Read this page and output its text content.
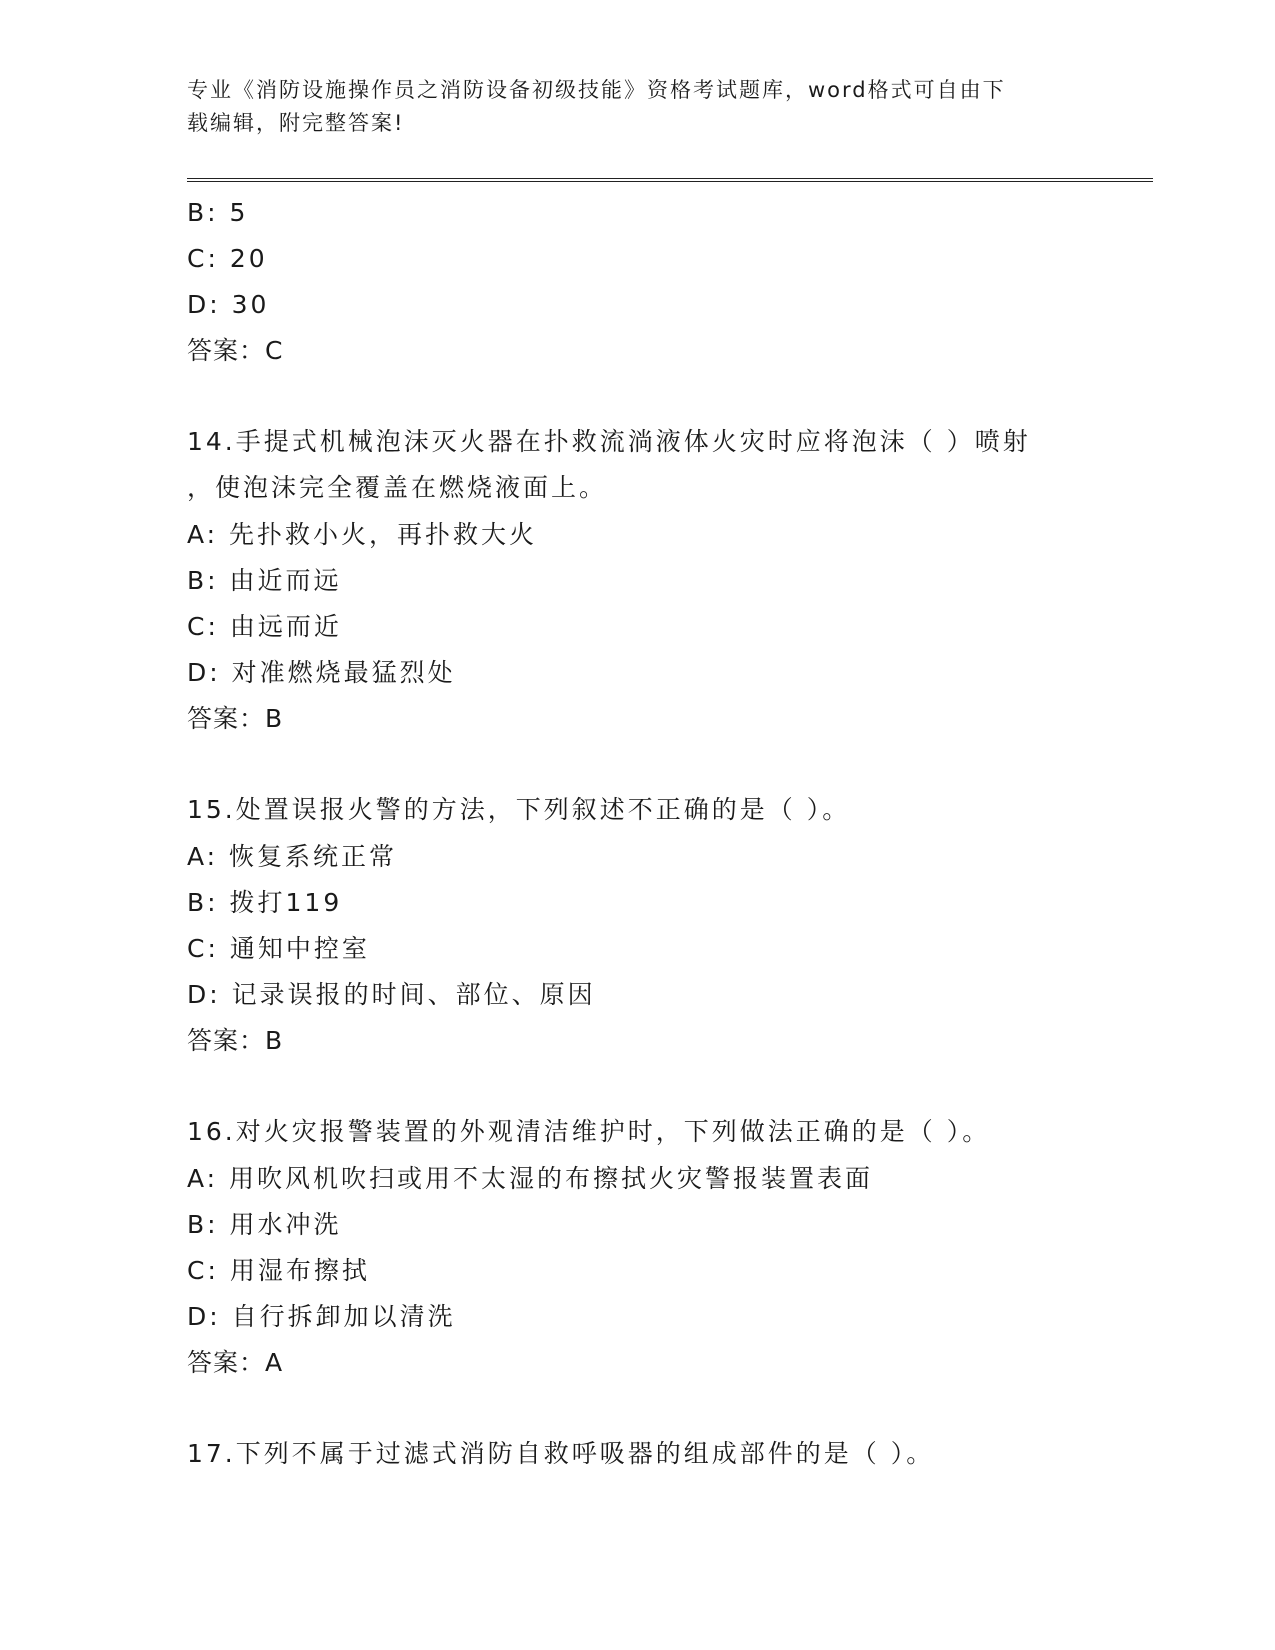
专业《消防设施操作员之消防设备初级技能》资格考试题库，word格式可自由下
载编辑，附完整答案!
B: 5
C: 20
D: 30
答案：C
14.手提式机械泡沫灭火器在扑救流淌液体火灾时应将泡沫（ ）喷射
，使泡沫完全覆盖在燃烧液面上。
A: 先扑救小火，再扑救大火
B: 由近而远
C: 由远而近
D: 对准燃烧最猛烈处
答案：B
15.处置误报火警的方法，下列叙述不正确的是（ ）。
A: 恢复系统正常
B: 拨打119
C: 通知中控室
D: 记录误报的时间、部位、原因
答案：B
16.对火灾报警装置的外观清洁维护时，下列做法正确的是（ ）。
A: 用吹风机吹扫或用不太湿的布擦拭火灾警报装置表面
B: 用水冲洗
C: 用湿布擦拭
D: 自行拆卸加以清洗
答案：A
17.下列不属于过滤式消防自救呼吸器的组成部件的是（ ）。
